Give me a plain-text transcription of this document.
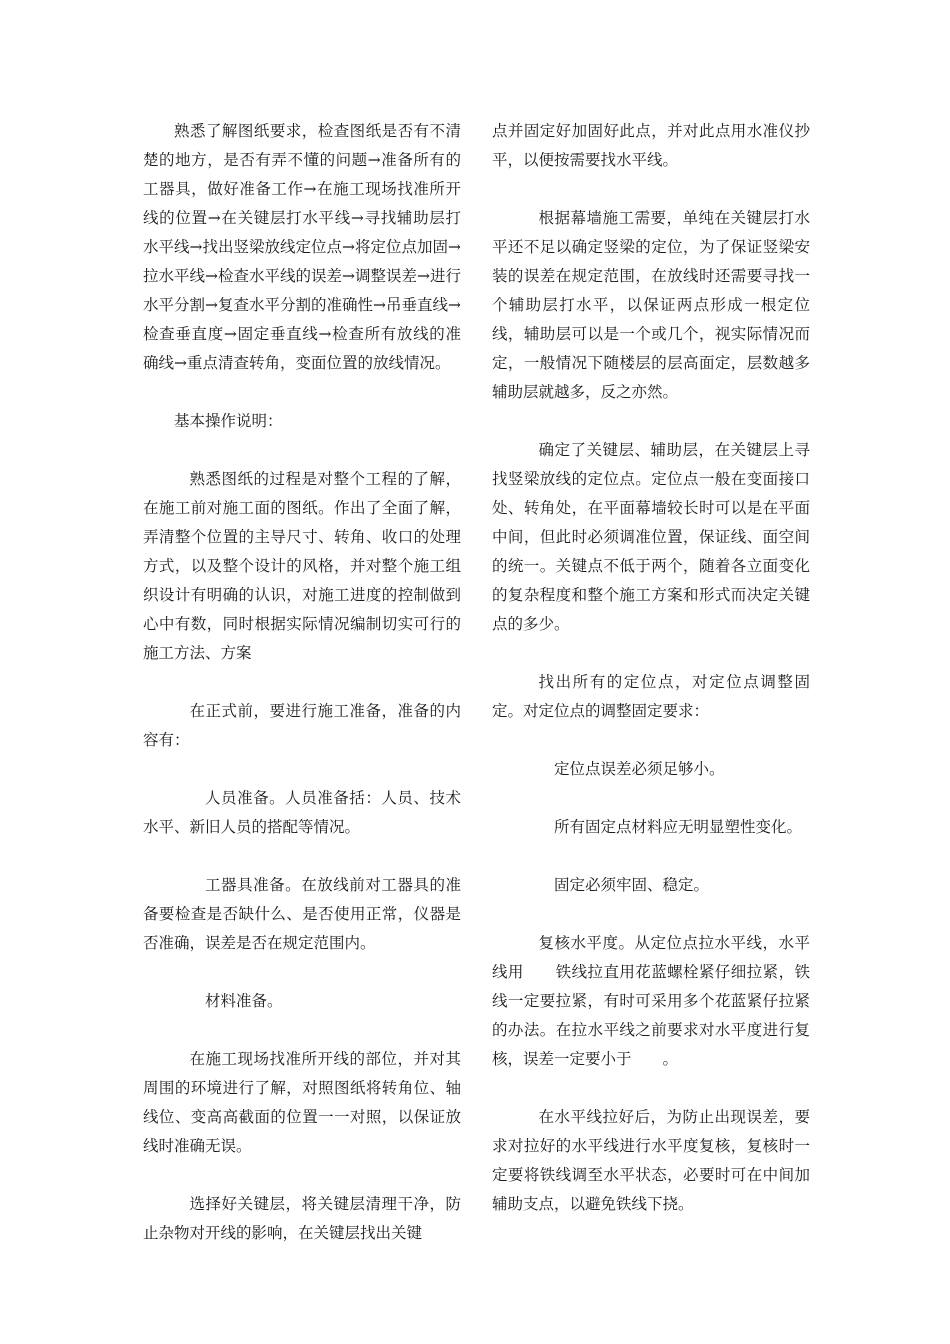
熟悉了解图纸要求，检查图纸是否有不清楚的地方，是否有弄不懂的问题→准备所有的工器具，做好准备工作→在施工现场找准所开线的位置→在关键层打水平线→寻找辅助层打水平线→找出竖梁放线定位点→将定位点加固→拉水平线→检查水平线的误差→调整误差→进行水平分割→复查水平分割的准确性→吊垂直线→检查垂直度→固定垂直线→检查所有放线的准确线→重点清查转角，变面位置的放线情况。

基本操作说明：

熟悉图纸的过程是对整个工程的了解，在施工前对施工面的图纸。作出了全面了解，弄清整个位置的主导尺寸、转角、收口的处理方式，以及整个设计的风格，并对整个施工组织设计有明确的认识，对施工进度的控制做到心中有数，同时根据实际情况编制切实可行的施工方法、方案

在正式前，要进行施工准备，准备的内容有：

人员准备。人员准备括：人员、技术水平、新旧人员的搭配等情况。

工器具准备。在放线前对工器具的准备要检查是否缺什么、是否使用正常，仪器是否准确，误差是否在规定范围内。

材料准备。

在施工现场找准所开线的部位，并对其周围的环境进行了解，对照图纸将转角位、轴线位、变高高截面的位置一一对照，以保证放线时准确无误。

选择好关键层，将关键层清理干净，防止杂物对开线的影响，在关键层找出关键

点并固定好加固好此点，并对此点用水准仪抄平，以便按需要找水平线。

根据幕墙施工需要，单纯在关键层打水平还不足以确定竖梁的定位，为了保证竖梁安装的误差在规定范围，在放线时还需要寻找一个辅助层打水平，以保证两点形成一根定位线，辅助层可以是一个或几个，视实际情况而定，一般情况下随楼层的层高面定，层数越多辅助层就越多，反之亦然。

确定了关键层、辅助层，在关键层上寻找竖梁放线的定位点。定位点一般在变面接口处、转角处，在平面幕墙较长时可以是在平面中间，但此时必须调准位置，保证线、面空间的统一。关键点不低于两个，随着各立面变化的复杂程度和整个施工方案和形式而决定关键点的多少。

找出所有的定位点，对定位点调整固定。对定位点的调整固定要求：

定位点误差必须足够小。

所有固定点材料应无明显塑性变化。

固定必须牢固、稳定。

复核水平度。从定位点拉水平线，水平线用　　铁线拉直用花蓝螺栓紧仔细拉紧，铁线一定要拉紧，有时可采用多个花蓝紧仔拉紧的办法。在拉水平线之前要求对水平度进行复核，误差一定要小于　　。

在水平线拉好后，为防止出现误差，要求对拉好的水平线进行水平度复核，复核时一定要将铁线调至水平状态，必要时可在中间加辅助支点，以避免铁线下挠。
